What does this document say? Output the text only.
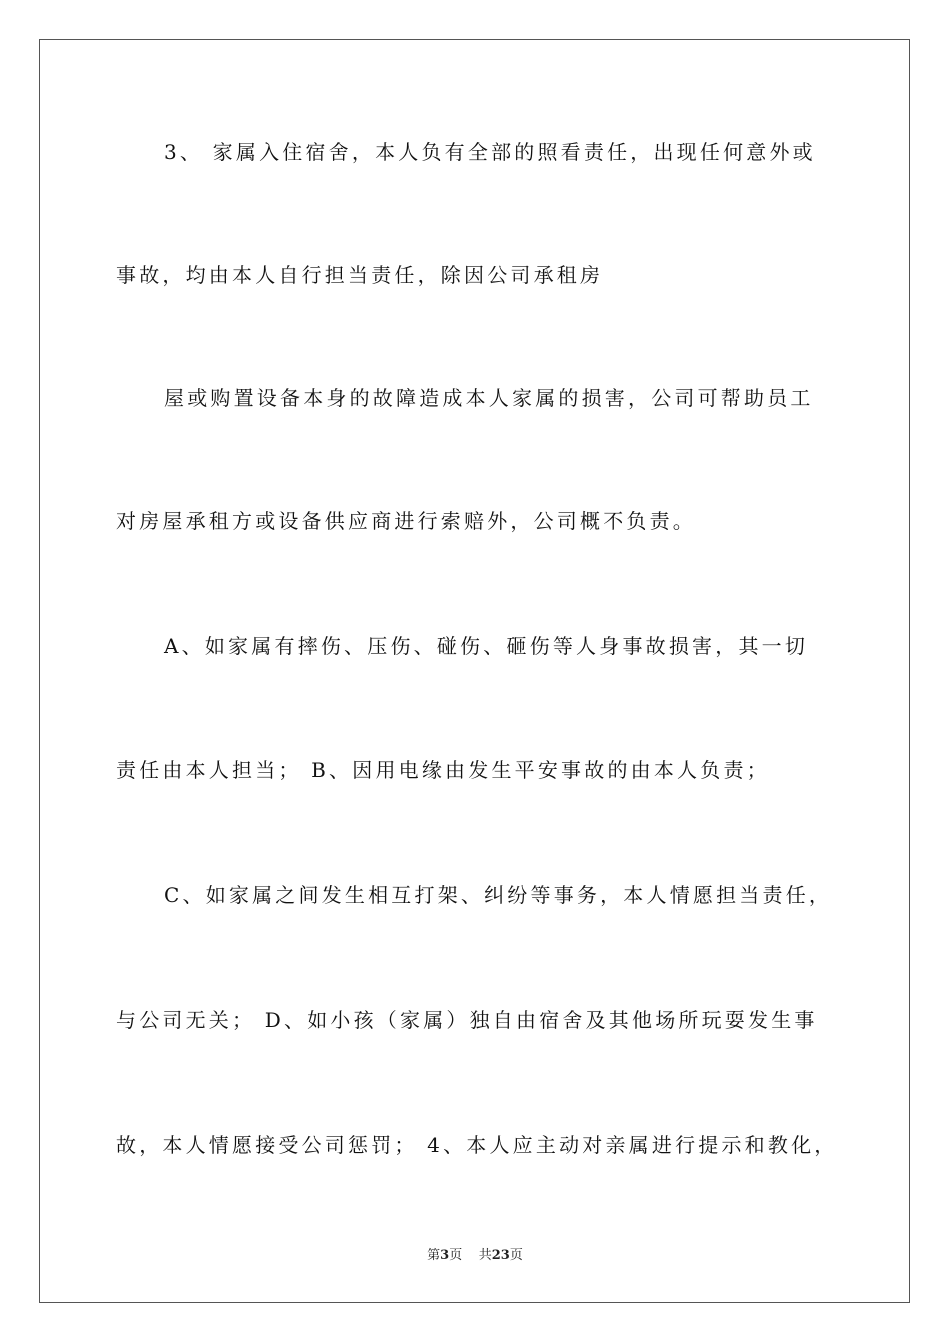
3、 家属入住宿舍，本人负有全部的照看责任，出现任何意外或
事故，均由本人自行担当责任，除因公司承租房
屋或购置设备本身的故障造成本人家属的损害，公司可帮助员工
对房屋承租方或设备供应商进行索赔外，公司概不负责。
A、如家属有摔伤、压伤、碰伤、砸伤等人身事故损害，其一切
责任由本人担当； B、因用电缘由发生平安事故的由本人负责；
C、如家属之间发生相互打架、纠纷等事务，本人情愿担当责任，
与公司无关； D、如小孩（家属）独自由宿舍及其他场所玩耍发生事
故，本人情愿接受公司惩罚； 4、本人应主动对亲属进行提示和教化，
第3页 共23页
